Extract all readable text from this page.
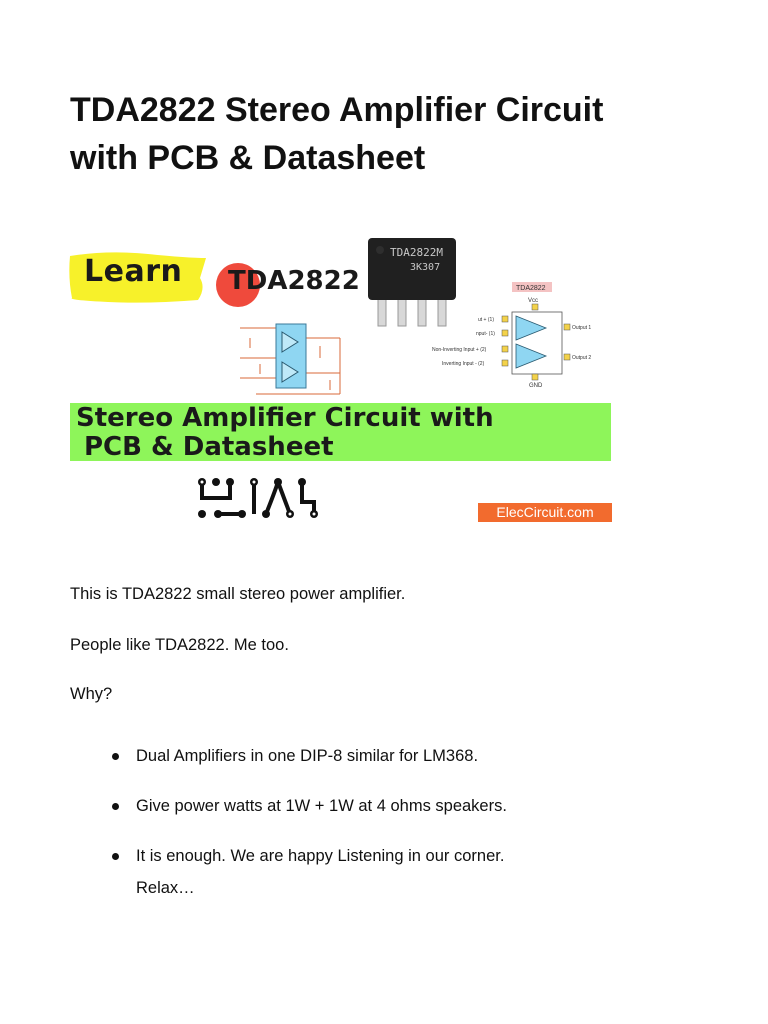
TDA2822 Stereo Amplifier Circuit
with PCB & Datasheet
Learn TDA2822
TDA2822M
3K307
TDA2822
Vcc
ut + (1)
nput- (1)
Non-Inverting Input + (2)
Inverting Input - (2)
Output 1
Output 2
GND
Stereo Amplifier Circuit with
PCB & Datasheet
ElecCircuit.com

This is TDA2822 small stereo power amplifier.

People like TDA2822. Me too.

Why?

Dual Amplifiers in one DIP-8 similar for LM368.
Give power watts at 1W + 1W at 4 ohms speakers.
It is enough. We are happy Listening in our corner.
Relax…
